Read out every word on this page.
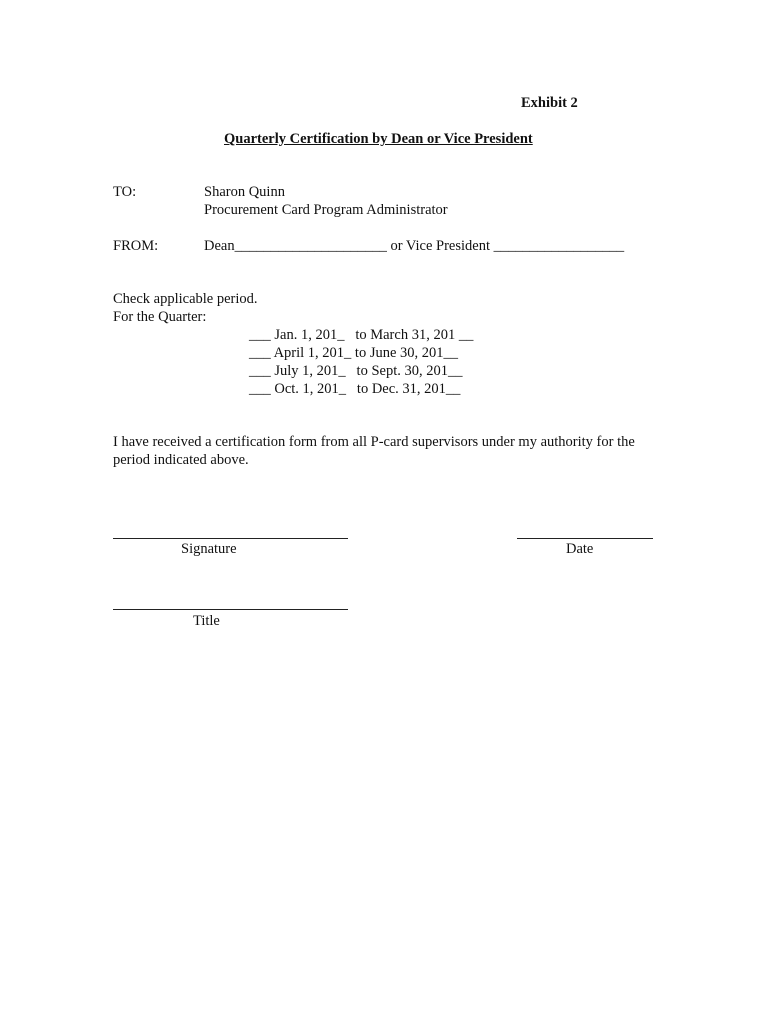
Exhibit 2
Quarterly Certification by Dean or Vice President
TO:	Sharon Quinn
Procurement Card Program Administrator
FROM:	Dean_____________________ or Vice President __________________
Check applicable period.
For the Quarter:
___ Jan. 1, 201_   to March 31, 201 __
___ April 1, 201_ to June 30, 201__
___ July 1, 201_   to Sept. 30, 201__
___ Oct. 1, 201_   to Dec. 31, 201__
I have received a certification form from all P-card supervisors under my authority for the
period indicated above.
Signature	Date
Title
